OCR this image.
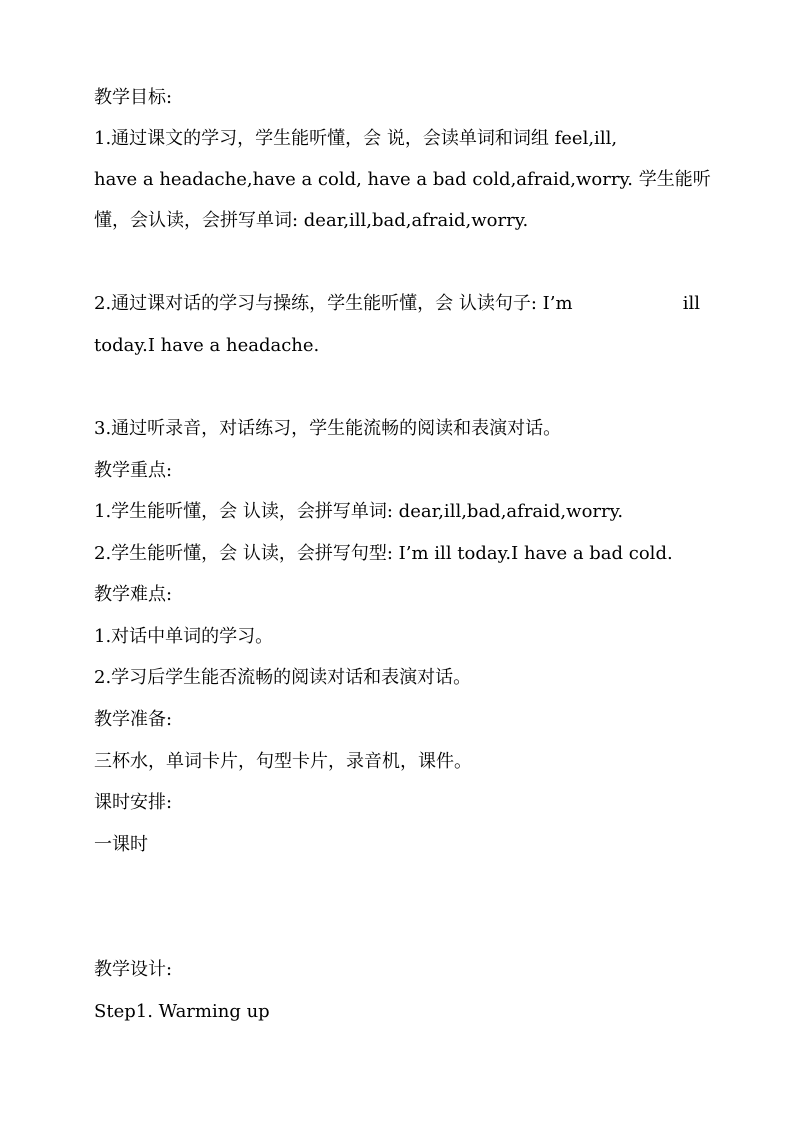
教学目标:
1.通过课文的学习，学生能听懂，会 说，会读单词和词组 feel,ill,
have a headache,have a cold, have a bad cold,afraid,worry. 学生能听
懂，会认读，会拼写单词: dear,ill,bad,afraid,worry.
2.通过课对话的学习与操练，学生能听懂，会 认读句子: I’m	ill
today.I have a headache.
3.通过听录音，对话练习，学生能流畅的阅读和表演对话。
教学重点:
1.学生能听懂，会 认读，会拼写单词: dear,ill,bad,afraid,worry.
2.学生能听懂，会 认读，会拼写句型: I’m ill today.I have a bad cold.
教学难点:
1.对话中单词的学习。
2.学习后学生能否流畅的阅读对话和表演对话。
教学准备:
三杯水，单词卡片，句型卡片，录音机，课件。
课时安排:
一课时
教学设计:
Step1. Warming up
